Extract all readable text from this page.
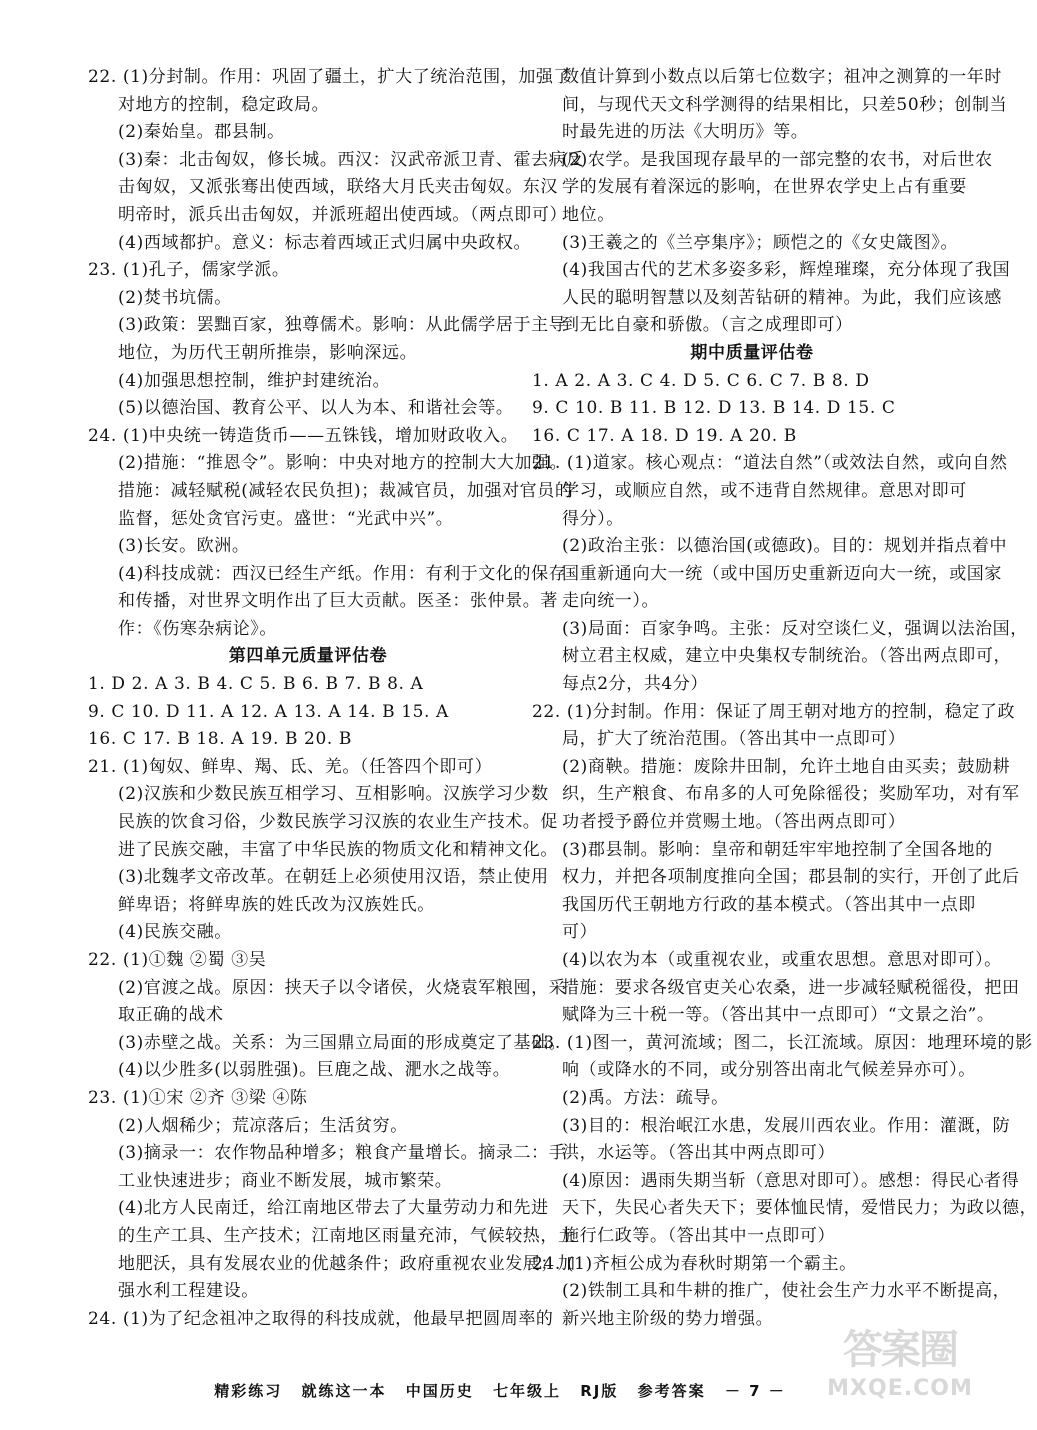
22. (1)分封制。作用：巩固了疆土，扩大了统治范围，加强了
对地方的控制，稳定政局。
(2)秦始皇。郡县制。
(3)秦：北击匈奴，修长城。西汉：汉武帝派卫青、霍去病反
击匈奴，又派张骞出使西域，联络大月氏夹击匈奴。东汉
明帝时，派兵出击匈奴，并派班超出使西域。（两点即可）
(4)西域都护。意义：标志着西域正式归属中央政权。
23. (1)孔子，儒家学派。
(2)焚书坑儒。
(3)政策：罢黜百家，独尊儒术。影响：从此儒学居于主导
地位，为历代王朝所推崇，影响深远。
(4)加强思想控制，维护封建统治。
(5)以德治国、教育公平、以人为本、和谐社会等。
24. (1)中央统一铸造货币——五铢钱，增加财政收入。
(2)措施：“推恩令”。影响：中央对地方的控制大大加强。
措施：减轻赋税(减轻农民负担)；裁减官员，加强对官员的
监督，惩处贪官污吏。盛世：“光武中兴”。
(3)长安。欧洲。
(4)科技成就：西汉已经生产纸。作用：有利于文化的保存
和传播，对世界文明作出了巨大贡献。医圣：张仲景。著
作：《伤寒杂病论》。
第四单元质量评估卷
1. D 2. A 3. B 4. C 5. B 6. B 7. B 8. A
9. C 10. D 11. A 12. A 13. A 14. B 15. A
16. C 17. B 18. A 19. B 20. B
21. (1)匈奴、鲜卑、羯、氐、羌。（任答四个即可）
(2)汉族和少数民族互相学习、互相影响。汉族学习少数
民族的饮食习俗，少数民族学习汉族的农业生产技术。促
进了民族交融，丰富了中华民族的物质文化和精神文化。
(3)北魏孝文帝改革。在朝廷上必须使用汉语，禁止使用
鲜卑语；将鲜卑族的姓氏改为汉族姓氏。
(4)民族交融。
22. (1)①魏 ②蜀 ③吴
(2)官渡之战。原因：挟天子以令诸侯，火烧袁军粮囤，采
取正确的战术
(3)赤壁之战。关系：为三国鼎立局面的形成奠定了基础。
(4)以少胜多(以弱胜强)。巨鹿之战、淝水之战等。
23. (1)①宋 ②齐 ③梁 ④陈
(2)人烟稀少；荒凉落后；生活贫穷。
(3)摘录一：农作物品种增多；粮食产量增长。摘录二：手
工业快速进步；商业不断发展，城市繁荣。
(4)北方人民南迁，给江南地区带去了大量劳动力和先进
的生产工具、生产技术；江南地区雨量充沛，气候较热，土
地肥沃，具有发展农业的优越条件；政府重视农业发展；加
强水利工程建设。
24. (1)为了纪念祖冲之取得的科技成就，他最早把圆周率的
数值计算到小数点以后第七位数字；祖冲之测算的一年时
间，与现代天文科学测得的结果相比，只差50秒；创制当
时最先进的历法《大明历》等。
(2)农学。是我国现存最早的一部完整的农书，对后世农
学的发展有着深远的影响，在世界农学史上占有重要
地位。
(3)王羲之的《兰亭集序》；顾恺之的《女史箴图》。
(4)我国古代的艺术多姿多彩，辉煌璀璨，充分体现了我国
人民的聪明智慧以及刻苦钻研的精神。为此，我们应该感
到无比自豪和骄傲。（言之成理即可）
期中质量评估卷
1. A 2. A 3. C 4. D 5. C 6. C 7. B 8. D
9. C 10. B 11. B 12. D 13. B 14. D 15. C
16. C 17. A 18. D 19. A 20. B
21. (1)道家。核心观点：“道法自然”（或效法自然，或向自然
学习，或顺应自然，或不违背自然规律。意思对即可
得分）。
(2)政治主张：以德治国(或德政)。目的：规划并指点着中
国重新通向大一统（或中国历史重新迈向大一统，或国家
走向统一）。
(3)局面：百家争鸣。主张：反对空谈仁义，强调以法治国，
树立君主权威，建立中央集权专制统治。（答出两点即可，
每点2分，共4分）
22. (1)分封制。作用：保证了周王朝对地方的控制，稳定了政
局，扩大了统治范围。（答出其中一点即可）
(2)商鞅。措施：废除井田制，允许土地自由买卖；鼓励耕
织，生产粮食、布帛多的人可免除徭役；奖励军功，对有军
功者授予爵位并赏赐土地。（答出两点即可）
(3)郡县制。影响：皇帝和朝廷牢牢地控制了全国各地的
权力，并把各项制度推向全国；郡县制的实行，开创了此后
我国历代王朝地方行政的基本模式。（答出其中一点即
可）
(4)以农为本（或重视农业，或重农思想。意思对即可）。
措施：要求各级官吏关心农桑，进一步减轻赋税徭役，把田
赋降为三十税一等。（答出其中一点即可）“文景之治”。
23. (1)图一，黄河流域；图二，长江流域。原因：地理环境的影
响（或降水的不同，或分别答出南北气候差异亦可）。
(2)禹。方法：疏导。
(3)目的：根治岷江水患，发展川西农业。作用：灌溉，防
洪，水运等。（答出其中两点即可）
(4)原因：遇雨失期当斩（意思对即可）。感想：得民心者得
天下，失民心者失天下；要体恤民情，爱惜民力；为政以德，
施行仁政等。（答出其中一点即可）
24. (1)齐桓公成为春秋时期第一个霸主。
(2)铁制工具和牛耕的推广，使社会生产力水平不断提高，
新兴地主阶级的势力增强。
精彩练习 就练这一本 中国历史 七年级上 RJ版 参考答案 － 7 －
答案圈
MXQE.COM
